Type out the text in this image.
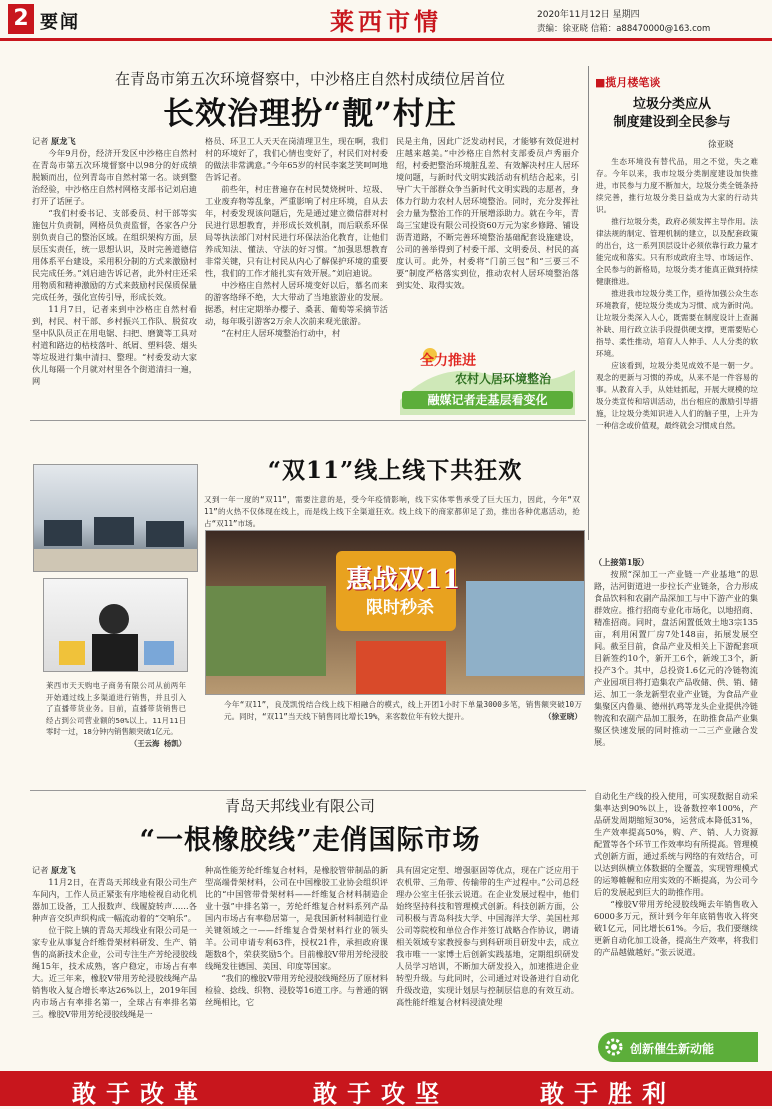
2 要闻	莱西市情	2020年11月12日 星期四
责编：徐亚晓 信箱：a88470000@163.com
在青岛市第五次环境督察中，中沙格庄自然村成绩位居首位
长效治理扮“靓”村庄

记者 原龙飞

今年9月份，经济开发区中沙格庄自然村在青岛市第五次环境督察中以98分的好成绩脱颖而出，位列青岛市自然村第一名。谈到整治经验，中沙格庄自然村网格支部书记刘启迪打开了话匣子。

“我们村委书记、支部委员、村干部等实施包片负责制，网格员负责监督，各家各户分别负责自己的整治区域。在组织架构方面，层层压实责任，统一思想认识，及时完善道德信用体系平台建设，采用积分制的方式来激励村民完成任务。”刘启迪告诉记者，此外村庄还采用物质和精神激励的方式来鼓励村民保质保量完成任务，强化宣传引导，形成长效。

11月7日，记者来到中沙格庄自然村看到，村民、村干部、乡村振兴工作队、脱贫攻坚中队队员正在用电锯、扫把、磨簧等工具对村道和路边的枯枝落叶、纸屑、塑料袋、烟头等垃圾进行集中清扫、整理。“村委发动大家伙儿每隔一个月就对村里各个街道清扫一遍，网

格员、环卫工人天天在岗清理卫生，现在啊，我们村的环境好了，我们心情也变好了，村民们对村委的做法非常满意。”今年65岁的村民李案芝笑呵呵地告诉记者。

前些年，村庄普遍存在村民焚烧树叶、垃圾、工业废弃物等乱象，严重影响了村庄环境，自从去年，村委发现该问题后，先是通过建立微信群对村民进行思想教育，并形成长效机制，而后联系环保局等执法部门对村民进行环保法治化教育，让他们养成知法、懂法、守法的好习惯。“加强思想教育非常关键，只有让村民从内心了解保护环境的重要性，我们的工作才能扎实有效开展。”刘启迪说。

中沙格庄自然村人居环境变好以后，慕名而来的游客络绎不绝，大大带动了当地旅游业的发展。据悉，村庄定期举办樱子、桑葚、葡萄等采摘节活动，每年吸引游客2万余人次前来观光旅游。

“在村庄人居环境整治行动中，村

民是主角，因此广泛发动村民，才能够有效促进村庄越来越美。”中沙格庄自然村支部委员卢秀丽介绍，村委把整治环境脏乱差、有效解决村庄人居环境问题，与新时代文明实践活动有机结合起来，引导广大干部群众争当新时代文明实践的志愿者，身体力行助力农村人居环境整治。同时，充分发挥社会力量为整治工作的开展增添助力。就在今年，青岛三宝建设有限公司投资60万元为家乡修路、铺设沥青道路，不断完善环境整治基础配套设施建设，公司的善举得到了村委干部、文明委员、村民的高度认可。此外，村委将“门前三包”和“三要三不要”制度严格落实到位，推动农村人居环境整治落到实处、取得实效。

全力推进
农村人居环境整治
融媒记者走基层看变化
■揽月楼笔谈
垃圾分类应从
制度建设到全民参与
徐亚晓

生态环境没有替代品，用之不觉，失之难存。今年以来，我市垃圾分类制度建设加快推进，市民参与力度不断加大，垃圾分类全链条持续完善，推行垃圾分类日益成为大家的行动共识。

推行垃圾分类，政府必须发挥主导作用。法律法规的制定、管理机制的建立，以及配套政策的出台，这一系列顶层设计必须依靠行政力量才能完成和落实。只有形成政府主导、市场运作、全民参与的新格局，垃圾分类才能真正做到持续健康推进。

推进我市垃圾分类工作，亟待加强公众生态环境教育，使垃圾分类成为习惯、成为新时尚。让垃圾分类深入人心，既需要在制度设计上查漏补缺、用行政立法手段提供硬支撑，更需要贴心指导、柔性推动，培育人人伸手、人人分类的软环境。

应该看到，垃圾分类见成效不是一朝一夕。观念的更新与习惯的养成，从来不是一件容易的事。从教育入手，从娃娃抓起，开展大规模的垃圾分类宣传和培训活动，出台相应的激励引导措施，让垃圾分类知识进入人们的脑子里，上升为一种信念或价值观，最终就会习惯成自然。

“双11”线上线下共狂欢
又到一年一度的“双11”，需要注意的是，受今年疫情影响，线下实体零售承受了巨大压力，因此，今年“双11”的火热不仅体现在线上，而是线上线下全渠道狂欢。线上线下的商家都卯足了劲，推出各种优惠活动，抢占“双11”市场。
莱西市天天购电子商务有限公司从前两年开始通过线上多渠道进行销售，并且引入了直播带货业务。目前，直播带货销售已经占到公司营业额的50%以上。11月11日零时一过，18分钟内销售额突破1亿元。

（王云海 杨凯）
惠战双11
限时秒杀
今年“双11”，良茂凯悦结合线上线下相融合的模式，线上开团1小时下单量3000多笔，销售额突破10万元。同时，“双11”当天线下销售同比增长19%，来客数位年有较大提升。	（徐亚晓）

（上接第1版）

按照“深加工一产业链一产业基地”的思路，沽河街道进一步拉长产业链条，合力形成食品饮料和农副产品深加工与中下游产业的集群效应。推行招商专业化市场化，以地招商、精准招商。同时，盘活闲置低效土地3宗135亩，利用闲置厂房7处148亩，拓展发展空间。截至目前，食品产业及相关上下游配套项目新签约10个，新开工6个，新竣工3个，新投产3个。其中，总投资1.6亿元的冷链物流产业园项目将打造集农产品收储、供、销、储运、加工一条龙新型农业产业链，为食品产业集聚区内鲁巢、德州扒鸡等龙头企业提供冷链物流和农副产品加工服务，在助推食品产业集聚区快速发展的同时推动一二三产业融合发展。

青岛天邦线业有限公司
“一根橡胶线”走俏国际市场

记者 原龙飞

11月2日，在青岛天邦线业有限公司生产车间内，工作人员正紧张有序地检视自动化机器加工设备，工人报数声、线履旋转声……各种声音交织声织构成一幅流动着的“交响乐”。

位于院上镇的青岛天邦线业有限公司是一家专业从事复合纤维骨架材料研发、生产、销售的高新技术企业，公司专注生产芳纶浸胶线绳15年，技术成熟，客户稳定，市场占有率大。近三年来，橡胶V带用芳纶浸胶线绳产品销售收入复合增长率达26%以上，2019年国内市场占有率排名第一，全球占有率排名第三。橡胶V带用芳纶浸胶线绳是一

种高性能芳纶纤维复合材料，是橡胶管带制品的新型高端骨架材料，公司在中国橡胶工业协会组织评比的“中国管带骨架材料——纤维复合材料制造企业十强”中排名第一，芳纶纤维复合材料系列产品国内市场占有率稳居第一，是我国新材料制造行业关键领域之一——纤维复合骨架材料行业的领头羊。公司申请专利63件，授权21件，承担政府课题数8个，荣获奖励5个。目前橡胶V带用芳纶浸胶线绳发往德国、美国、印度等国家。

“我们的橡胶V带用芳纶浸胶线绳经历了原材料检验、捻线、织物、浸胶等16道工序。与普通的钢丝绳相比，它

具有固定定型、增强驱固等优点，现在广泛应用于农机带、三角带、传输带的生产过程中。”公司总经理办公室主任张云说道。在企业发展过程中，他们始终坚持科技和管理模式创新。科技创新方面，公司积极与青岛科技大学、中国海洋大学、美国杜邦公司等院校和单位合作并签订战略合作协议，聘请相关领域专家教授参与到科研项目研发中去，成立我市唯一一家博士后创新实践基地，定期组织研发人员学习培训，不断加大研发投入，加速推进企业转型升级。与此同时，公司通过对设备进行自动化升级改造，实现计划层与控制层信息的有效互动。高性能纤维复合材料浸渍处理

自动化生产线的投入使用，可实现数据自动采集率达到90%以上，设备数控率100%，产品研发周期缩短30%，运营成本降低31%，生产效率提高50%，购、产、销、人力资源配置等各个环节工作效率均有所提高。管理模式创新方面，通过系统与网络的有效结合，可以达到纵横立体数据的全覆盖，实现管理模式的运筹帷幄和应用实效的不断提高，为公司今后的发展起到巨大的助推作用。

“橡胶V带用芳纶浸胶线绳去年销售收入6000多万元，预计到今年年底销售收入将突破1亿元，同比增长61%。今后，我们要继续更新自动化加工设备，提高生产效率，将我们的产品越做越好。”张云说道。

创新催生新动能
敢于改革	敢于攻坚	敢于胜利
